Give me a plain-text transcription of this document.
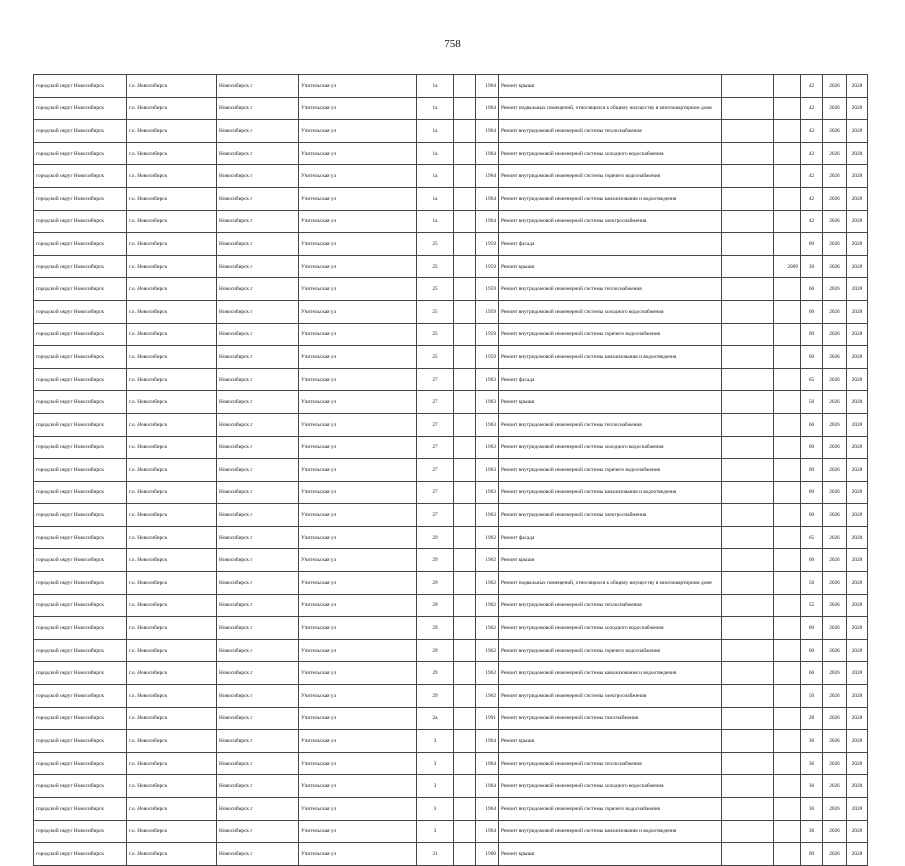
758
городской округ Новосибирск	г.о. Новосибирск	Новосибирск г	Учительская ул	1а		1964	Ремонт крыши			42	2026	2028
городской округ Новосибирск	г.о. Новосибирск	Новосибирск г	Учительская ул	1а		1964	Ремонт подвальных помещений, относящихся к общему имуществу в многоквартирном доме			42	2026	2028
городской округ Новосибирск	г.о. Новосибирск	Новосибирск г	Учительская ул	1а		1964	Ремонт внутридомовой инженерной системы теплоснабжения			42	2026	2028
городской округ Новосибирск	г.о. Новосибирск	Новосибирск г	Учительская ул	1а		1964	Ремонт внутридомовой инженерной системы холодного водоснабжения			42	2026	2028
городской округ Новосибирск	г.о. Новосибирск	Новосибирск г	Учительская ул	1а		1964	Ремонт внутридомовой инженерной системы горячего водоснабжения			42	2026	2028
городской округ Новосибирск	г.о. Новосибирск	Новосибирск г	Учительская ул	1а		1964	Ремонт внутридомовой инженерной системы канализования и водоотведения			42	2026	2028
городской округ Новосибирск	г.о. Новосибирск	Новосибирск г	Учительская ул	1а		1964	Ремонт внутридомовой инженерной системы электроснабжения			42	2026	2028
городской округ Новосибирск	г.о. Новосибирск	Новосибирск г	Учительская ул	25		1959	Ремонт фасада			60	2026	2028
городской округ Новосибирск	г.о. Новосибирск	Новосибирск г	Учительская ул	25		1959	Ремонт крыши		2009	30	2026	2028
городской округ Новосибирск	г.о. Новосибирск	Новосибирск г	Учительская ул	25		1959	Ремонт внутридомовой инженерной системы теплоснабжения			60	2026	2028
городской округ Новосибирск	г.о. Новосибирск	Новосибирск г	Учительская ул	25		1959	Ремонт внутридомовой инженерной системы холодного водоснабжения			60	2026	2028
городской округ Новосибирск	г.о. Новосибирск	Новосибирск г	Учительская ул	25		1959	Ремонт внутридомовой инженерной системы горячего водоснабжения			60	2026	2028
городской округ Новосибирск	г.о. Новосибирск	Новосибирск г	Учительская ул	25		1959	Ремонт внутридомовой инженерной системы канализования и водоотведения			60	2026	2028
городской округ Новосибирск	г.о. Новосибирск	Новосибирск г	Учительская ул	27		1963	Ремонт фасада			65	2026	2028
городской округ Новосибирск	г.о. Новосибирск	Новосибирск г	Учительская ул	27		1963	Ремонт крыши			50	2026	2028
городской округ Новосибирск	г.о. Новосибирск	Новосибирск г	Учительская ул	27		1963	Ремонт внутридомовой инженерной системы теплоснабжения			60	2026	2028
городской округ Новосибирск	г.о. Новосибирск	Новосибирск г	Учительская ул	27		1963	Ремонт внутридомовой инженерной системы холодного водоснабжения			60	2026	2028
городской округ Новосибирск	г.о. Новосибирск	Новосибирск г	Учительская ул	27		1963	Ремонт внутридомовой инженерной системы горячего водоснабжения			60	2026	2028
городской округ Новосибирск	г.о. Новосибирск	Новосибирск г	Учительская ул	27		1963	Ремонт внутридомовой инженерной системы канализования и водоотведения			60	2026	2028
городской округ Новосибирск	г.о. Новосибирск	Новосибирск г	Учительская ул	27		1963	Ремонт внутридомовой инженерной системы электроснабжения			60	2026	2028
городской округ Новосибирск	г.о. Новосибирск	Новосибирск г	Учительская ул	29		1962	Ремонт фасада			65	2026	2028
городской округ Новосибирск	г.о. Новосибирск	Новосибирск г	Учительская ул	29		1962	Ремонт крыши			60	2026	2028
городской округ Новосибирск	г.о. Новосибирск	Новосибирск г	Учительская ул	29		1962	Ремонт подвальных помещений, относящихся к общему имуществу в многоквартирном доме			50	2026	2028
городской округ Новосибирск	г.о. Новосибирск	Новосибирск г	Учительская ул	29		1962	Ремонт внутридомовой инженерной системы теплоснабжения			55	2026	2028
городской округ Новосибирск	г.о. Новосибирск	Новосибирск г	Учительская ул	29		1962	Ремонт внутридомовой инженерной системы холодного водоснабжения			60	2026	2028
городской округ Новосибирск	г.о. Новосибирск	Новосибирск г	Учительская ул	29		1962	Ремонт внутридомовой инженерной системы горячего водоснабжения			60	2026	2028
городской округ Новосибирск	г.о. Новосибирск	Новосибирск г	Учительская ул	29		1962	Ремонт внутридомовой инженерной системы канализования и водоотведения			60	2026	2028
городской округ Новосибирск	г.о. Новосибирск	Новосибирск г	Учительская ул	29		1962	Ремонт внутридомовой инженерной системы электроснабжения			50	2026	2028
городской округ Новосибирск	г.о. Новосибирск	Новосибирск г	Учительская ул	2а		1991	Ремонт внутридомовой инженерной системы газоснабжения			28	2026	2028
городской округ Новосибирск	г.о. Новосибирск	Новосибирск г	Учительская ул	3		1964	Ремонт крыши			36	2026	2028
городской округ Новосибирск	г.о. Новосибирск	Новосибирск г	Учительская ул	3		1964	Ремонт внутридомовой инженерной системы теплоснабжения			36	2026	2028
городской округ Новосибирск	г.о. Новосибирск	Новосибирск г	Учительская ул	3		1964	Ремонт внутридомовой инженерной системы холодного водоснабжения			36	2026	2028
городской округ Новосибирск	г.о. Новосибирск	Новосибирск г	Учительская ул	3		1964	Ремонт внутридомовой инженерной системы горячего водоснабжения			36	2026	2028
городской округ Новосибирск	г.о. Новосибирск	Новосибирск г	Учительская ул	3		1964	Ремонт внутридомовой инженерной системы канализования и водоотведения			36	2026	2028
городской округ Новосибирск	г.о. Новосибирск	Новосибирск г	Учительская ул	31		1960	Ремонт крыши			60	2026	2028
